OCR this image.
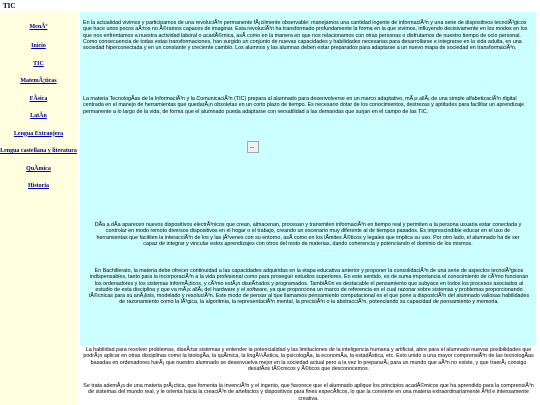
TIC
MenÃº
Inicio
TIC
MatemÃ¡ticas
FÃsica
LatÃn
Lengua Extranjera
Lengua castellana y literatura
QuÃmica
Historia

En la actualidad vivimos y participamos de una revoluciÃ³n permanente fÃ¡cilmente observable: manejamos una cantidad ingente de informaciÃ³n y una serie de dispositivos tecnolÃ³gicos que hace unos pocos aÃ±os no Ã©ramos capaces de imaginar. Esta revoluciÃ³n ha transformado profundamente la forma en la que vivimos, influyendo decisivamente en los modos en los que nos enfrentamos a nuestra actividad laboral o acadÃ©mica, asÃ como en la manera en que nos relacionamos con otras personas o disfrutamos de nuestro tiempo de ocio personal. Como consecuencia de todas estas transformaciones, han surgido un conjunto de nuevas capacidades y habilidades necesarias para desarrollarse e integrarse en la vida adulta, en una sociedad hiperconectada y en un constante y creciente cambio. Los alumnos y las alumnas deben estar preparados para adaptarse a un nuevo mapa de sociedad en transformaciÃ³n.

La materia TecnologÃas de la InformaciÃ³n y la ComunicaciÃ³n (TIC) prepara al alumnado para desenvolverse en un marco adaptativo, mÃ¡s allÃ¡ de una simple alfabetizaciÃ³n digital centrada en el manejo de herramientas que quedarÃ¡n obsoletas en un corto plazo de tiempo. Es necesario dotar de los conocimientos, destrezas y aptitudes para facilitar un aprendizaje permanente a lo largo de la vida, de forma que el alumnado pueda adaptarse con versatilidad a las demandas que surjan en el campo de las TIC.

DÃa a dÃa aparecen nuevos dispositivos electrÃ³nicos que crean, almacenan, procesan y transmiten informaciÃ³n en tiempo real y permiten a la persona usuaria estar conectada y controlar en modo remoto diversos dispositivos en el hogar o el trabajo, creando un escenario muy diferente al de tiempos pasados. Es imprescindible educar en el uso de herramientas que faciliten la interacciÃ³n de los y las jÃ³venes con su entorno, asÃ como en los lÃmites Ã©ticos y legales que implica su uso. Por otro lado, el alumnado ha de ser capaz de integrar y vincular estos aprendizajes con otros del resto de materias, dando coherencia y potenciando el dominio de los mismos.

En Bachillerato, la materia debe ofrecer continuidad a las capacidades adquiridas en la etapa educativa anterior y proponer la consolidaciÃ³n de una serie de aspectos tecnolÃ³gicos indispensables, tanto para la incorporaciÃ³n a la vida profesional como para proseguir estudios superiores. En este sentido, es de suma importancia el conocimiento de cÃ³mo funcionan los ordenadores y los sistemas informÃ¡ticos, y cÃ³mo estÃ¡n diseÃ±ados y programados. TambiÃ©n es destacable el pensamiento que subyace en todos los procesos asociados al estudio de esta disciplina y que va mÃ¡s allÃ¡ del hardware y el software, ya que proporciona un marco de referencia en el cual razonar sobre sistemas y problemas proporcionando tÃ©cnicas para su anÃ¡lisis, modelado y resoluciÃ³n. Este modo de pensar al que llamamos pensamiento computacional es el que pone a disposiciÃ³n del alumnado valiosas habilidades de razonamiento como la lÃ³gica, la algoritmia, la representaciÃ³n mental, la precisiÃ³n o la abstracciÃ³n, potenciando su capacidad de pensamiento y memoria.

La habilidad para resolver problemas, diseÃ±ar sistemas y entender la potencialidad y las limitaciones de la inteligencia humana y artificial, abre para el alumnado nuevas posibilidades que podrÃ¡n aplicar en otras disciplinas como la biologÃa, la quÃmica, la lingÃ¼Ãstica, la psicologÃa, la economÃa, la estadÃstica, etc. Esto unido a una mayor comprensiÃ³n de las tecnologÃas basadas en ordenadores harÃ¡ que nuestro alumnado se desenvuelva mejor en la sociedad actual pero a la vez lo prepararÃ¡ para un mundo que aÃºn no existe, y que traerÃ¡ consigo desafÃos tÃ©cnicos y Ã©ticos que desconocemos.

Se trata ademÃ¡s de una materia prÃ¡ctica, que fomenta la invenciÃ³n y el ingenio, que favorece que el alumnado aplique los principios acadÃ©micos que ha aprendido para la comprensiÃ³n de sistemas del mundo real, y le orienta hacia la creaciÃ³n de artefactos y dispositivos para fines especÃficos, lo que la convierte en una materia extraordinariamente Ãºtil e intensamente creativa.
